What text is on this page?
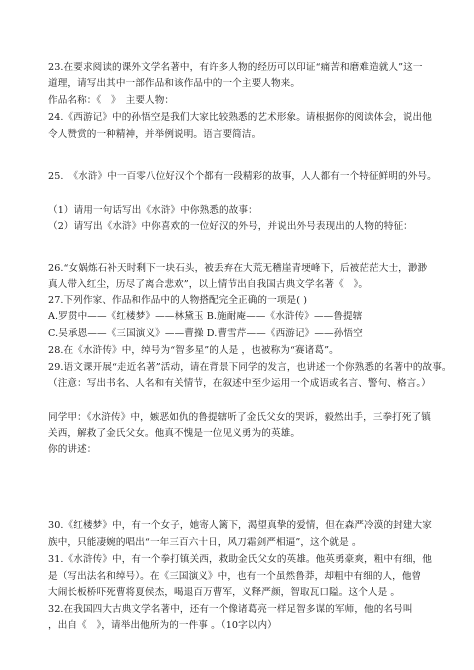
23.在要求阅读的课外文学名著中，有许多人物的经历可以印证“痛苦和磨难造就人”这一
道理，请写出其中一部作品和该作品中的一个主要人物来。
作品名称：《　》　主要人物：
24.《西游记》中的孙悟空是我们大家比较熟悉的艺术形象。请根据你的阅读体会，说出他
令人赞赏的一种精神，并举例说明。语言要简洁。
25.　《水浒》中一百零八位好汉个个都有一段精彩的故事，人人都有一个特征鲜明的外号。
（1）请用一句话写出《水浒》中你熟悉的故事：
（2）请写出《水浒》中你喜欢的一位好汉的外号，并说出外号表现出的人物的特征：
26.“女娲炼石补天时剩下一块石头，被丢弃在大荒无稽崖青埂峰下，后被茫茫大士，渺渺
真人带入红尘，历尽了离合悲欢”，以上情节出自我国古典文学名著《　》。
27.下列作家、作品和作品中的人物搭配完全正确的一项是( )
A.罗贯中——《红楼梦》——林黛玉 B.施耐庵——《水浒传》——鲁提辖
C.吴承恩——《三国演义》——曹操 D.曹雪芹——《西游记》——孙悟空
28.在《水浒传》中，绰号为“智多星”的人是 ，也被称为“赛诸葛”。
29.语文课开展“走近名著”活动，请在背景下同学的发言，也讲述一个你熟悉的名著中的故事。
（注意：写出书名、人名和有关情节，在叙述中至少运用一个成语或名言、警句、格言。）
同学甲：《水浒传》中，嫉恶如仇的鲁提辖听了金氏父女的哭诉，毅然出手，三拳打死了镇
关西，解救了金氏父女。他真不愧是一位见义勇为的英雄。
你的讲述：
30.《红楼梦》中，有一个女子，她寄人篱下，渴望真挚的爱情，但在森严冷漠的封建大家
族中，只能凄婉的唱出“一年三百六十日，风刀霜剑严相逼”，这个就是 。
31.《水浒传》中，有一个拳打镇关西，救助金氏父女的英雄。他英勇豪爽，粗中有细，他
是（写出法名和绰号）。在《三国演义》中，也有一个虽然鲁莽，却粗中有细的人，他曾
大闹长板桥吓死曹将夏侯杰，喝退百万曹军，义释严颜，智取瓦口隘。这个人是 。
32.在我国四大古典文学名著中，还有一个像诸葛亮一样足智多谋的军师，他的名号叫
，出自《　》，请举出他所为的一件事 。（10字以内）
